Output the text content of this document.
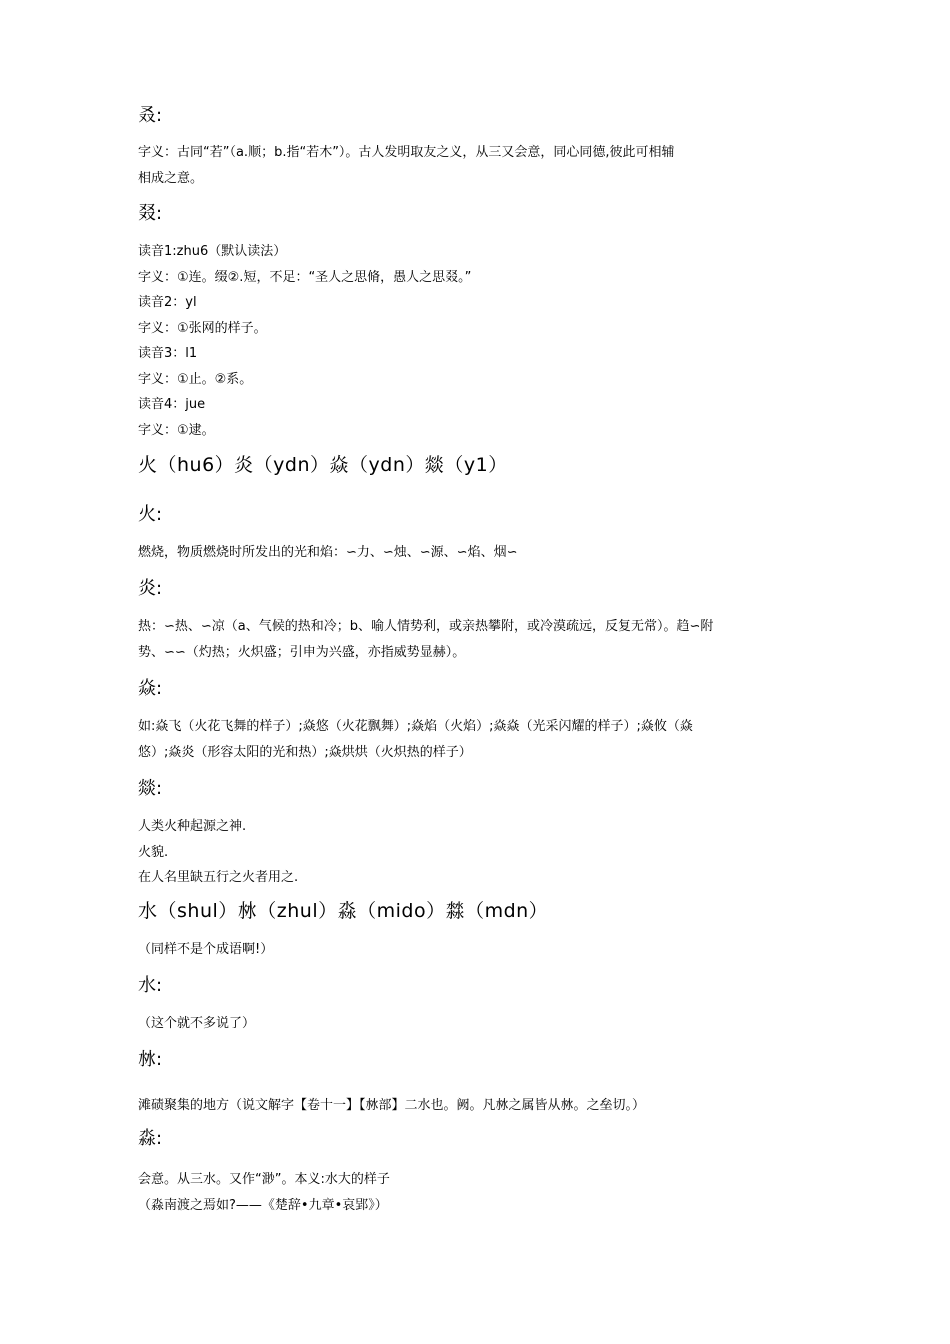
叒:
字义：古同“若”（a.顺；b.指“若木”）。古人发明取友之义，从三又会意，同心同德,彼此可相辅
相成之意。
叕:
读音1:zhu6（默认读法）
字义：①连。缀②.短，不足：“圣人之思脩，愚人之思叕。”
读音2：yl
字义：①张网的样子。
读音3：l1
字义：①止。②系。
读音4：jue
字义：①逮。
火（hu6）炎（ydn）焱（ydn）燚（y1）
火:
燃烧，物质燃烧时所发出的光和焰：∽力、∽烛、∽源、∽焰、烟∽
炎:
热：∽热、∽凉（a、气候的热和冷；b、喻人情势利，或亲热攀附，或冷漠疏远，反复无常）。趋∽附
势、∽∽（灼热；火炽盛；引申为兴盛，亦指威势显赫）。
焱:
如:焱飞（火花飞舞的样子）;焱悠（火花飘舞）;焱焰（火焰）;焱焱（光采闪耀的样子）;焱攸（焱
悠）;焱炎（形容太阳的光和热）;焱烘烘（火炽热的样子）
燚:
人类火种起源之神.
火貌.
在人名里缺五行之火者用之.
水（shul）沝（zhul）淼（mido）㵘（mdn）
（同样不是个成语啊!）
水:
（这个就不多说了）
沝:
滩碛聚集的地方（说文解字【卷十一】【沝部】二水也。阙。凡沝之属皆从沝。之垒切。）
淼:
会意。从三水。又作“渺”。本义:水大的样子
（淼南渡之焉如?——《楚辞•九章•哀郢》）
